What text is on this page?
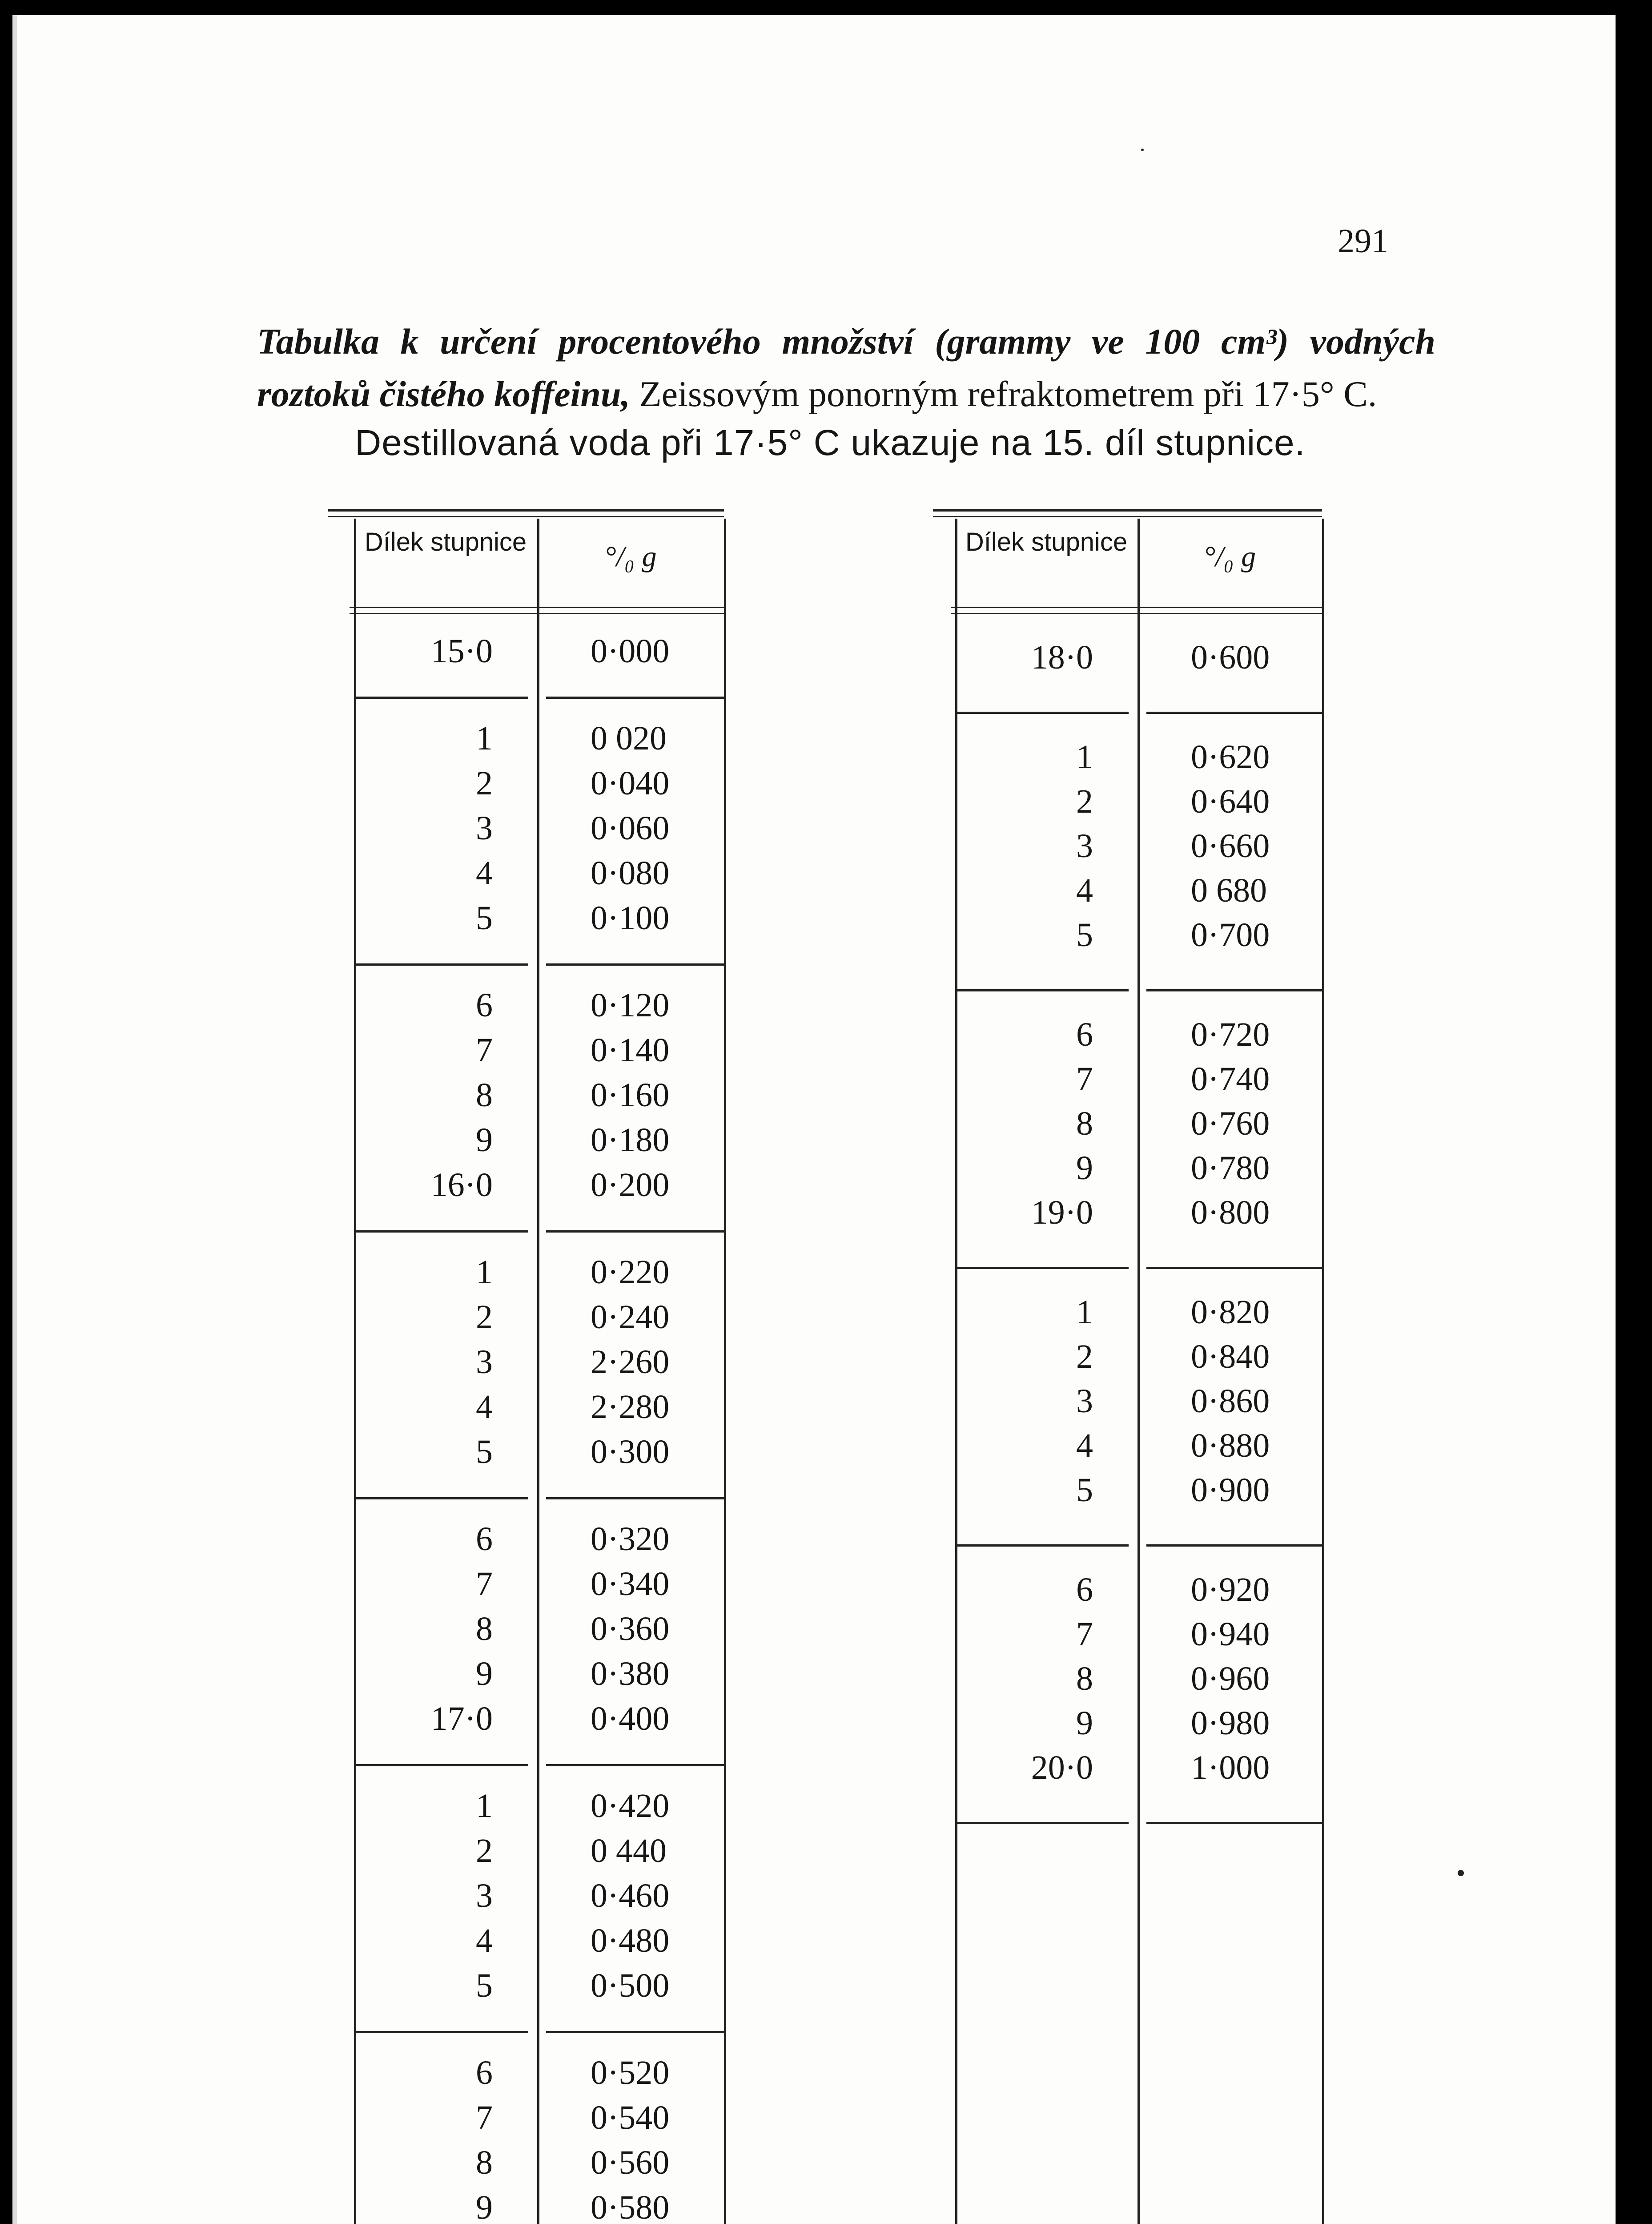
291
Tabulka k určení procentového množství (grammy ve 100 cm³) vodných roztoků čistého koffeinu, Zeissovým ponorným refraktometrem při 17·5° C.
Destillovaná voda při 17·5° C ukazuje na 15. díl stupnice.
Dílek stupnice	°/₀ g
15·0	0·000
1	0 020
2	0·040
3	0·060
4	0·080
5	0·100
6	0·120
7	0·140
8	0·160
9	0·180
16·0	0·200
1	0·220
2	0·240
3	2·260
4	2·280
5	0·300
6	0·320
7	0·340
8	0·360
9	0·380
17·0	0·400
1	0·420
2	0 440
3	0·460
4	0·480
5	0·500
6	0·520
7	0·540
8	0·560
9	0·580
Dílek stupnice	°/₀ g
18·0	0·600
1	0·620
2	0·640
3	0·660
4	0 680
5	0·700
6	0·720
7	0·740
8	0·760
9	0·780
19·0	0·800
1	0·820
2	0·840
3	0·860
4	0·880
5	0·900
6	0·920
7	0·940
8	0·960
9	0·980
20·0	1·000
